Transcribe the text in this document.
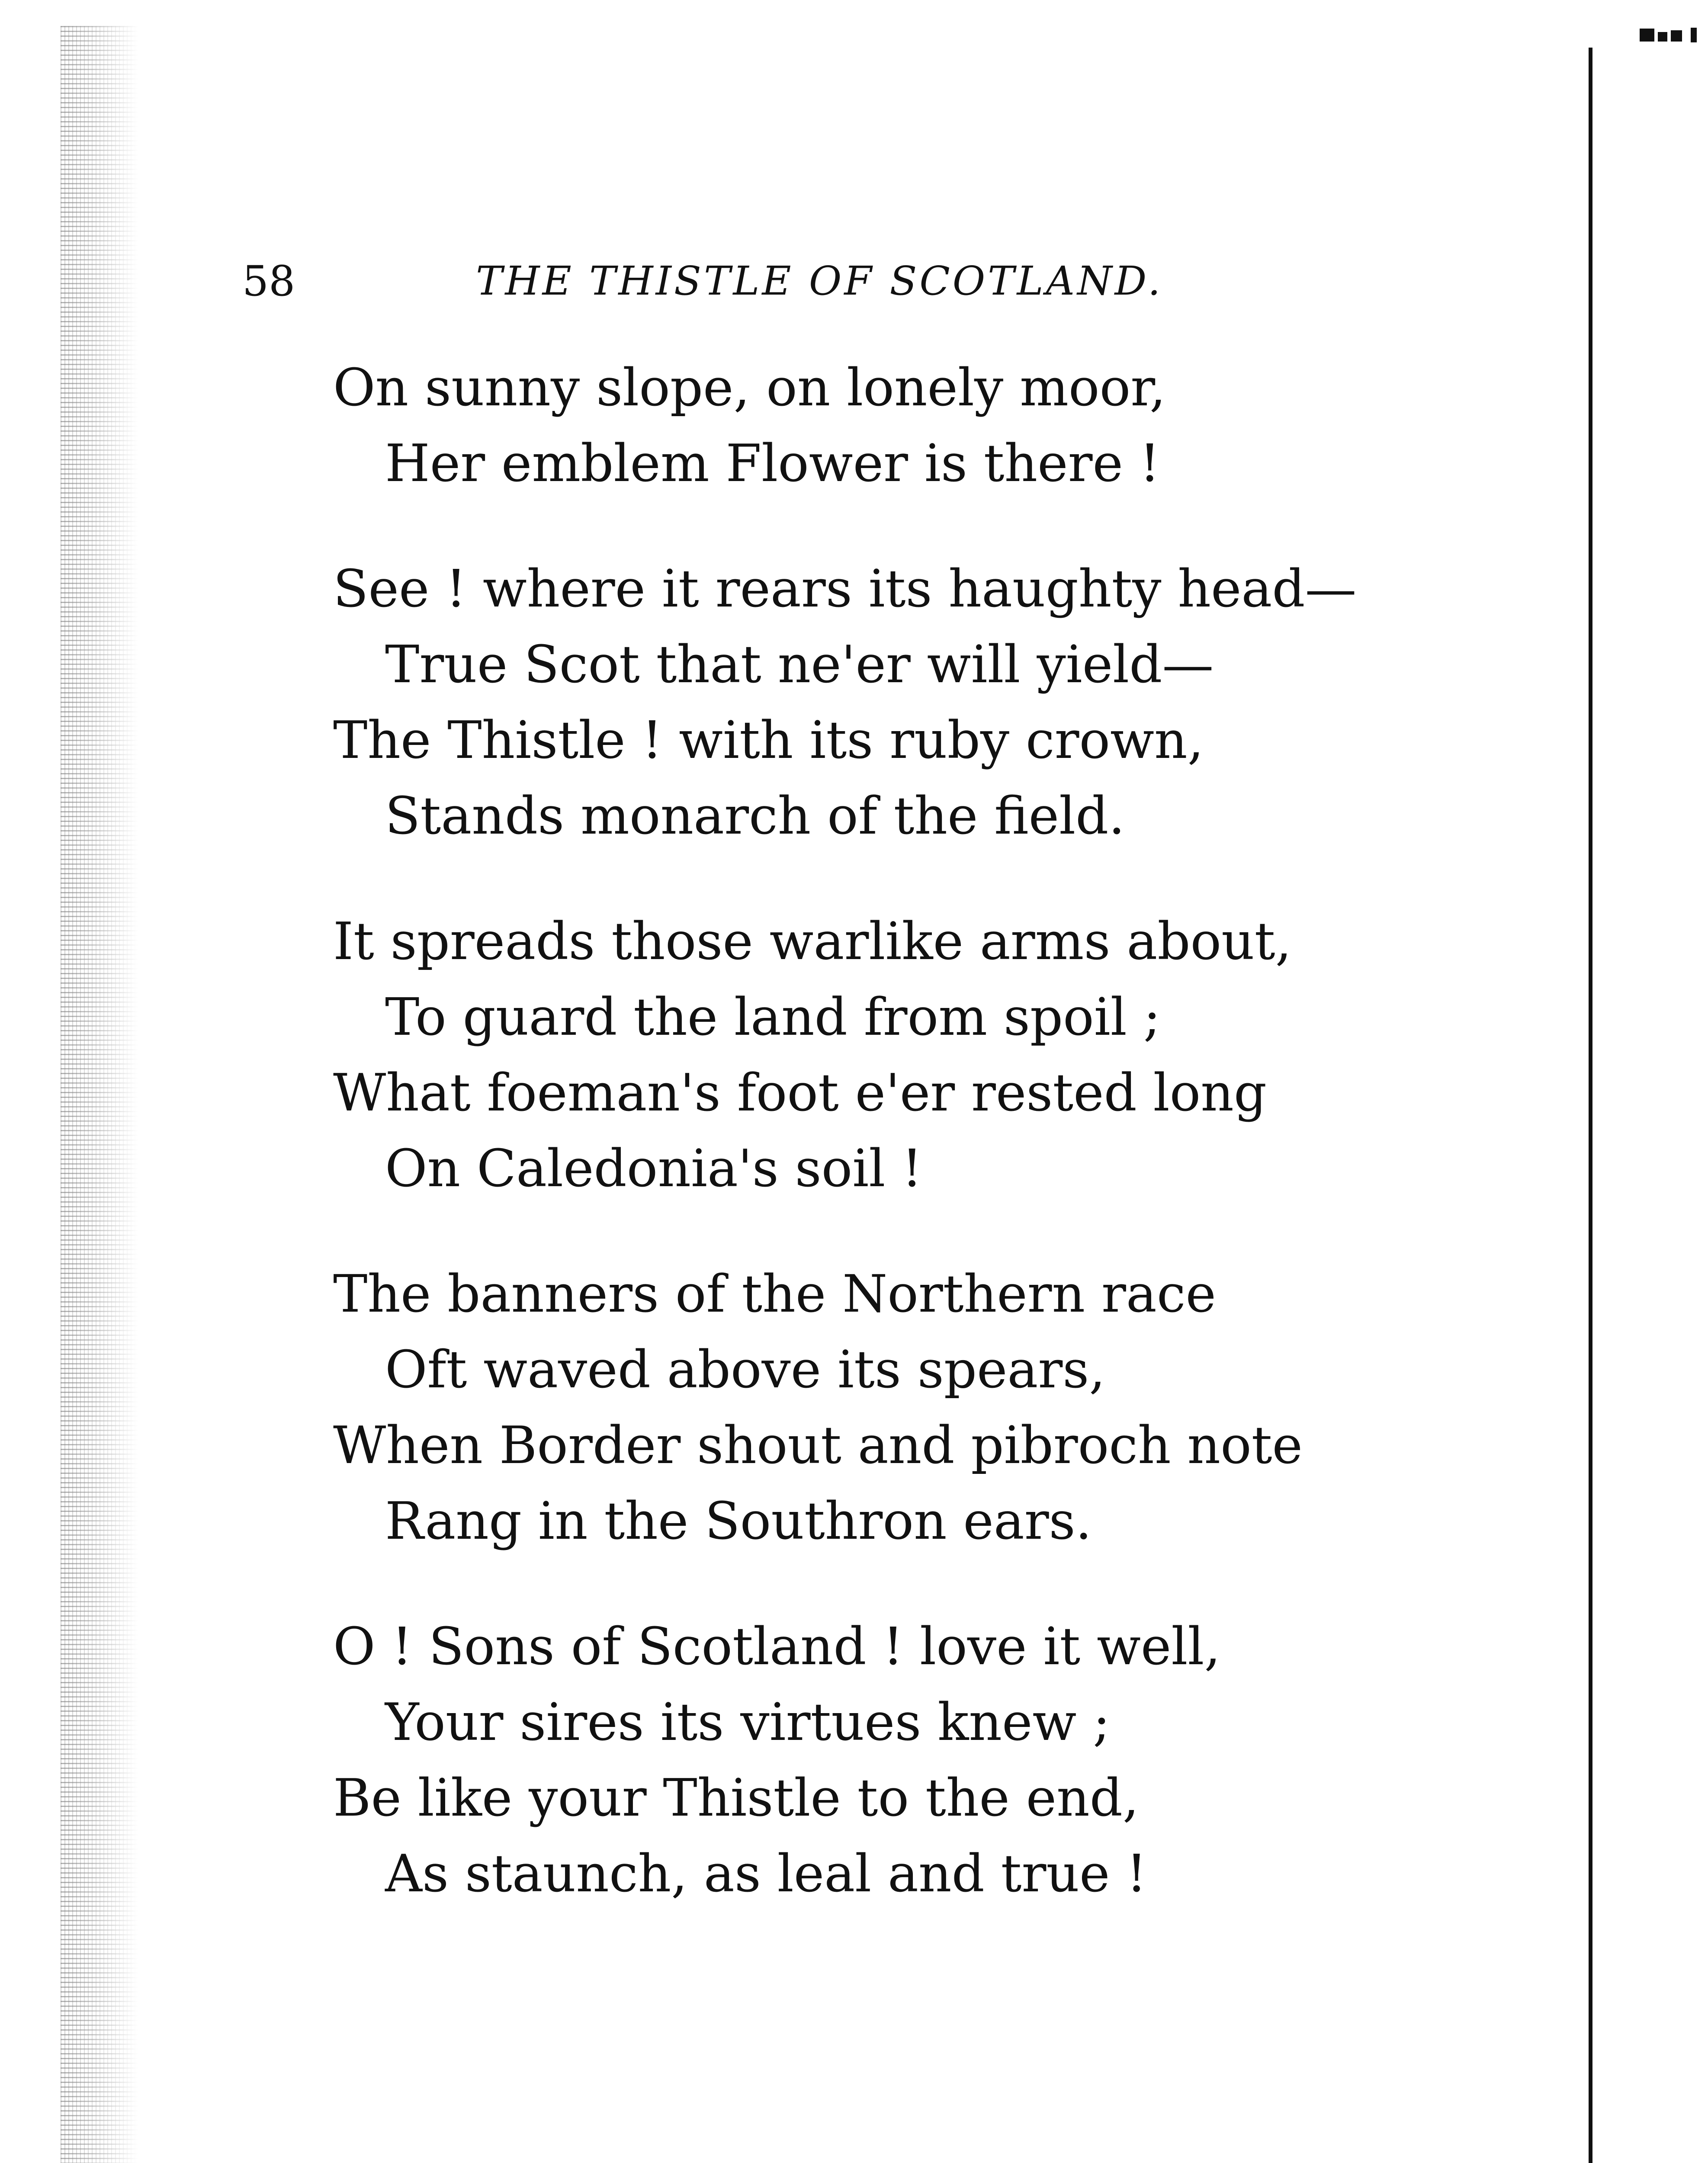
58	THE THISTLE OF SCOTLAND.
On sunny slope, on lonely moor,
Her emblem Flower is there !
See ! where it rears its haughty head—
True Scot that ne'er will yield—
The Thistle ! with its ruby crown,
Stands monarch of the field.
It spreads those warlike arms about,
To guard the land from spoil ;
What foeman's foot e'er rested long
On Caledonia's soil !
The banners of the Northern race
Oft waved above its spears,
When Border shout and pibroch note
Rang in the Southron ears.
O ! Sons of Scotland ! love it well,
Your sires its virtues knew ;
Be like your Thistle to the end,
As staunch, as leal and true !
